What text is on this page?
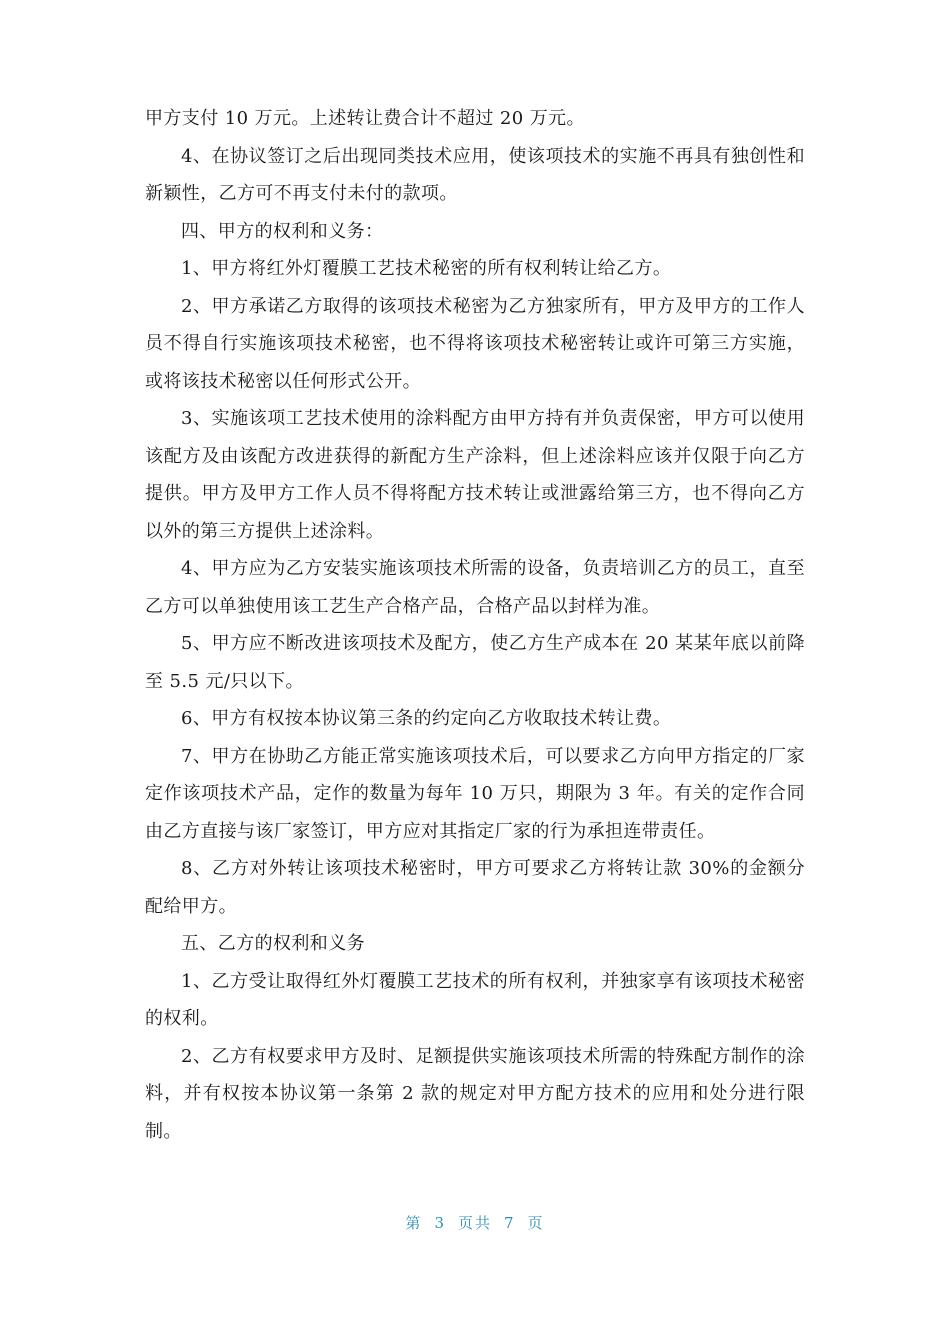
甲方支付 10 万元。上述转让费合计不超过 20 万元。

4、在协议签订之后出现同类技术应用，使该项技术的实施不再具有独创性和新颖性，乙方可不再支付未付的款项。

四、甲方的权利和义务：

1、甲方将红外灯覆膜工艺技术秘密的所有权利转让给乙方。

2、甲方承诺乙方取得的该项技术秘密为乙方独家所有，甲方及甲方的工作人员不得自行实施该项技术秘密，也不得将该项技术秘密转让或许可第三方实施，或将该技术秘密以任何形式公开。

3、实施该项工艺技术使用的涂料配方由甲方持有并负责保密，甲方可以使用该配方及由该配方改进获得的新配方生产涂料，但上述涂料应该并仅限于向乙方提供。甲方及甲方工作人员不得将配方技术转让或泄露给第三方，也不得向乙方以外的第三方提供上述涂料。

4、甲方应为乙方安装实施该项技术所需的设备，负责培训乙方的员工，直至乙方可以单独使用该工艺生产合格产品，合格产品以封样为准。

5、甲方应不断改进该项技术及配方，使乙方生产成本在 20 某某年底以前降至 5.5 元/只以下。

6、甲方有权按本协议第三条的约定向乙方收取技术转让费。

7、甲方在协助乙方能正常实施该项技术后，可以要求乙方向甲方指定的厂家定作该项技术产品，定作的数量为每年 10 万只，期限为 3 年。有关的定作合同由乙方直接与该厂家签订，甲方应对其指定厂家的行为承担连带责任。

8、乙方对外转让该项技术秘密时，甲方可要求乙方将转让款 30%的金额分配给甲方。

五、乙方的权利和义务

1、乙方受让取得红外灯覆膜工艺技术的所有权利，并独家享有该项技术秘密的权利。

2、乙方有权要求甲方及时、足额提供实施该项技术所需的特殊配方制作的涂料，并有权按本协议第一条第 2 款的规定对甲方配方技术的应用和处分进行限制。

第 3 页共 7 页
